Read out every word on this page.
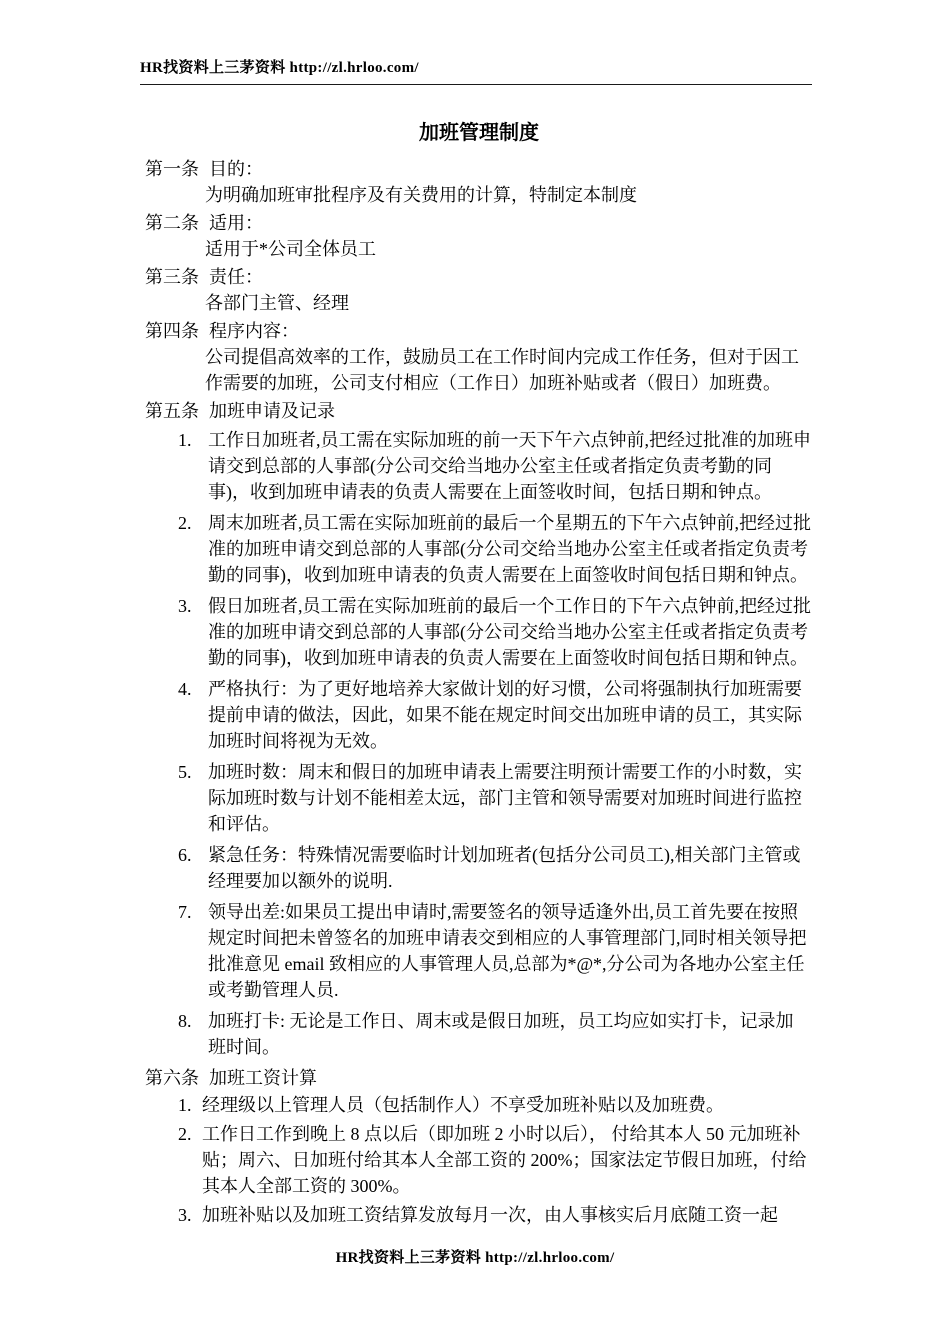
HR找资料上三茅资料 http://zl.hrloo.com/
加班管理制度
第一条 目的：
为明确加班审批程序及有关费用的计算，特制定本制度
第二条 适用：
适用于*公司全体员工
第三条 责任：
各部门主管、经理
第四条 程序内容：
公司提倡高效率的工作，鼓励员工在工作时间内完成工作任务，但对于因工作需要的加班，公司支付相应（工作日）加班补贴或者（假日）加班费。
第五条 加班申请及记录
1. 工作日加班者,员工需在实际加班的前一天下午六点钟前,把经过批准的加班申请交到总部的人事部(分公司交给当地办公室主任或者指定负责考勤的同事)，收到加班申请表的负责人需要在上面签收时间，包括日期和钟点。
2. 周末加班者,员工需在实际加班前的最后一个星期五的下午六点钟前,把经过批准的加班申请交到总部的人事部(分公司交给当地办公室主任或者指定负责考勤的同事)，收到加班申请表的负责人需要在上面签收时间包括日期和钟点。
3. 假日加班者,员工需在实际加班前的最后一个工作日的下午六点钟前,把经过批准的加班申请交到总部的人事部(分公司交给当地办公室主任或者指定负责考勤的同事)，收到加班申请表的负责人需要在上面签收时间包括日期和钟点。
4. 严格执行：为了更好地培养大家做计划的好习惯，公司将强制执行加班需要提前申请的做法，因此，如果不能在规定时间交出加班申请的员工，其实际加班时间将视为无效。
5. 加班时数：周末和假日的加班申请表上需要注明预计需要工作的小时数，实际加班时数与计划不能相差太远，部门主管和领导需要对加班时间进行监控和评估。
6. 紧急任务：特殊情况需要临时计划加班者(包括分公司员工),相关部门主管或经理要加以额外的说明.
7. 领导出差:如果员工提出申请时,需要签名的领导适逢外出,员工首先要在按照规定时间把未曾签名的加班申请表交到相应的人事管理部门,同时相关领导把批准意见 email 致相应的人事管理人员,总部为*@*,分公司为各地办公室主任或考勤管理人员.
8. 加班打卡: 无论是工作日、周末或是假日加班，员工均应如实打卡，记录加班时间。
第六条 加班工资计算
1. 经理级以上管理人员（包括制作人）不享受加班补贴以及加班费。
2. 工作日工作到晚上 8 点以后（即加班 2 小时以后）， 付给其本人 50 元加班补贴；周六、日加班付给其本人全部工资的 200%；国家法定节假日加班，付给其本人全部工资的 300%。
3. 加班补贴以及加班工资结算发放每月一次，由人事核实后月底随工资一起
HR找资料上三茅资料 http://zl.hrloo.com/
